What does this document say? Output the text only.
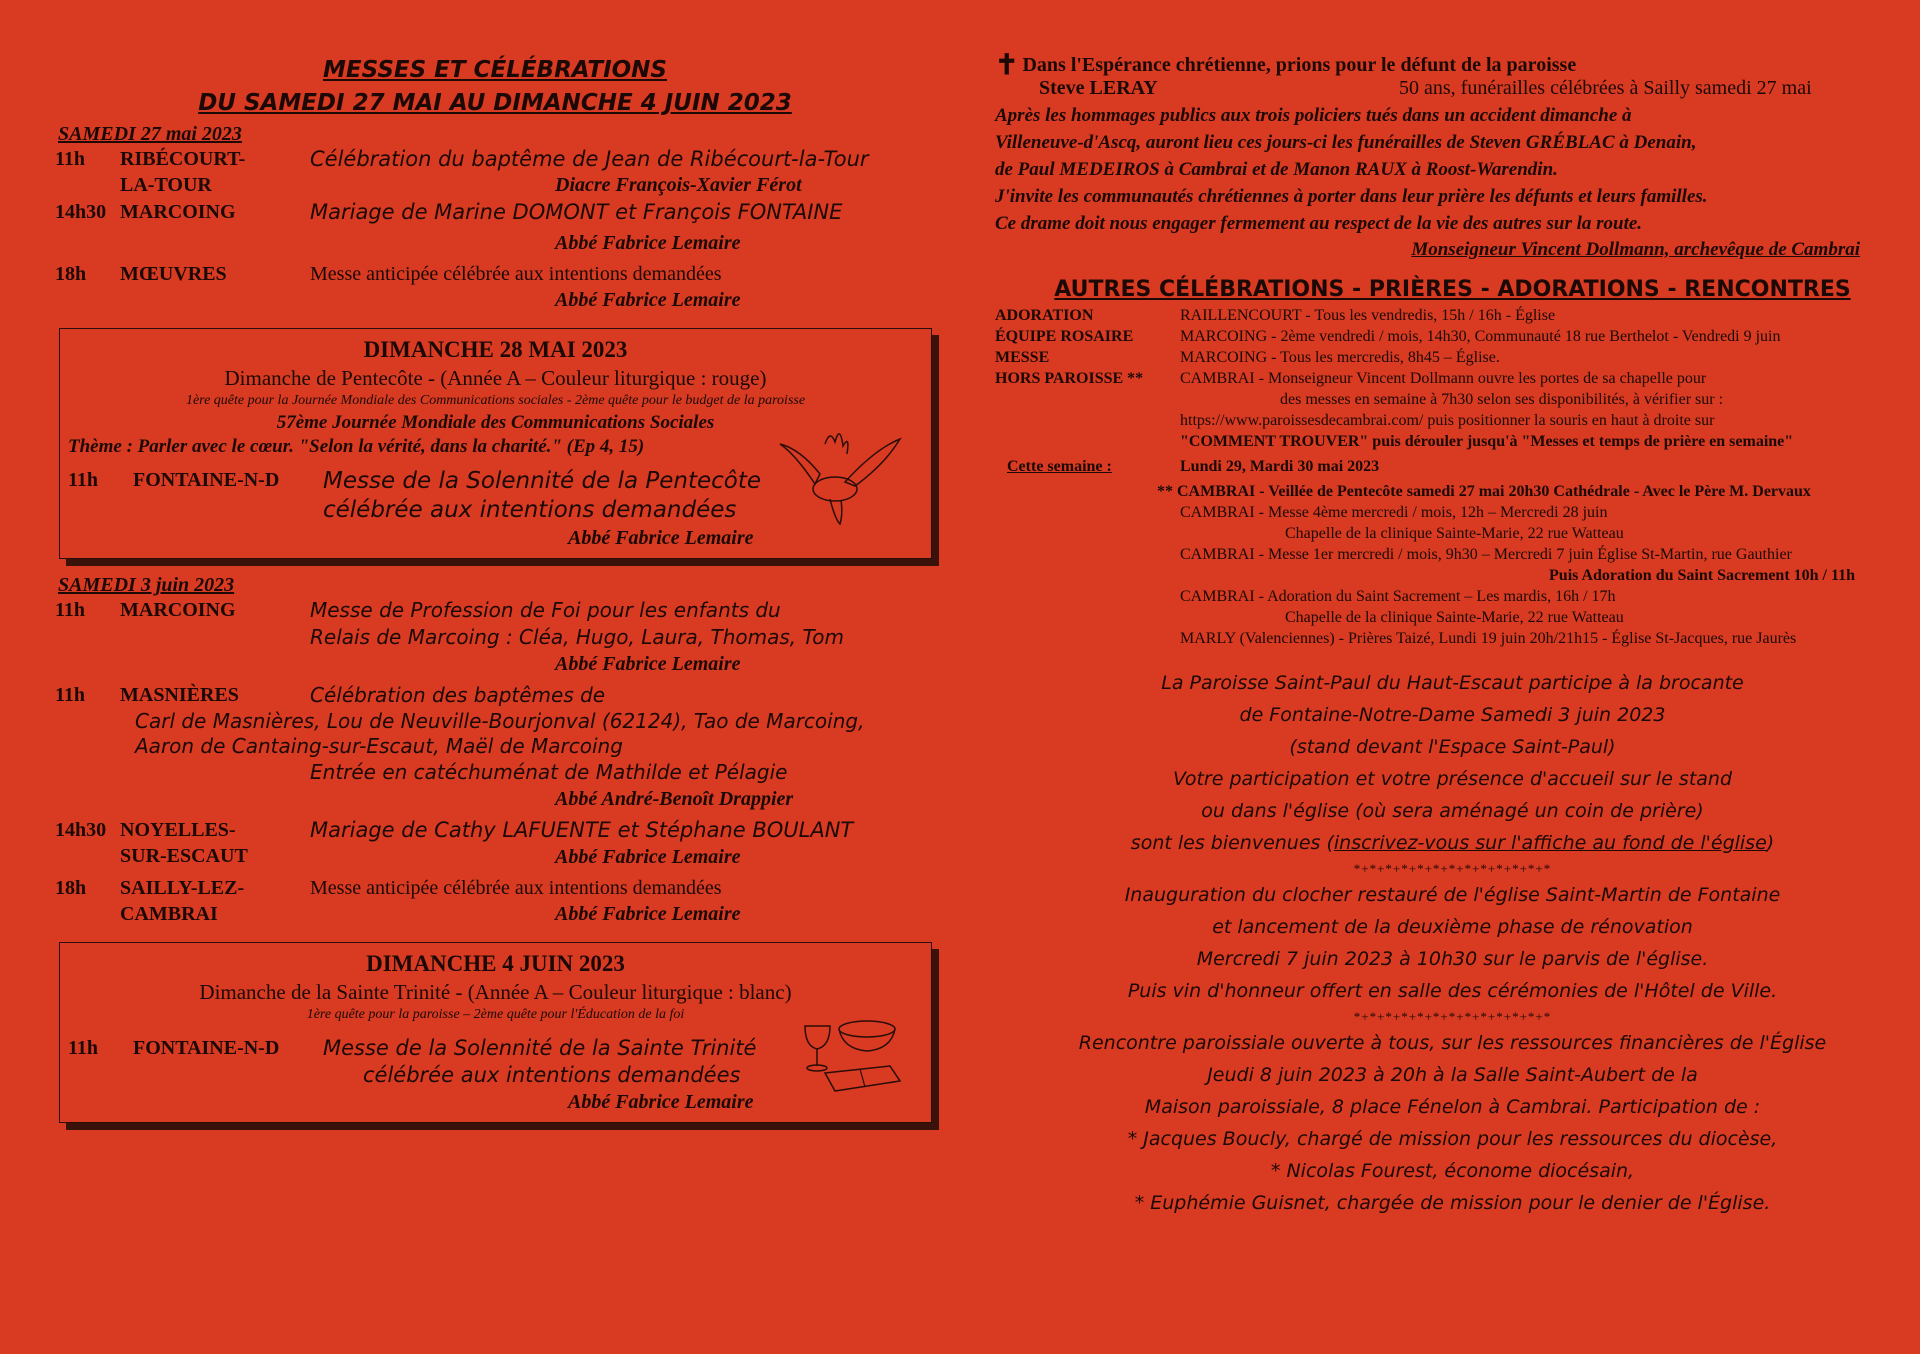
MESSES ET CÉLÉBRATIONS
DU SAMEDI 27 MAI AU DIMANCHE 4 JUIN 2023
SAMEDI 27 mai 2023
11h	RIBÉCOURT-
LA-TOUR
Célébration du baptême de Jean de Ribécourt-la-Tour
Diacre François-Xavier Férot
14h30 MARCOING	Mariage de Marine DOMONT et François FONTAINE
Abbé Fabrice Lemaire
18h	MŒUVRES	Messe anticipée célébrée aux intentions demandées
Abbé Fabrice Lemaire
DIMANCHE 28 MAI 2023
Dimanche de Pentecôte - (Année A – Couleur liturgique : rouge)
1ère quête pour la Journée Mondiale des Communications sociales - 2ème quête pour le budget de la paroisse
57ème Journée Mondiale des Communications Sociales
Thème : Parler avec le cœur. "Selon la vérité, dans la charité." (Ep 4, 15)
11h	FONTAINE-N-D	Messe de la Solennité de la Pentecôte
célébrée aux intentions demandées
Abbé Fabrice Lemaire
SAMEDI 3 juin 2023
11h	MARCOING	Messe de Profession de Foi pour les enfants du
Relais de Marcoing : Cléa, Hugo, Laura, Thomas, Tom
Abbé Fabrice Lemaire
11h	MASNIÈRES	Célébration des baptêmes de
Carl de Masnières, Lou de Neuville-Bourjonval (62124), Tao de Marcoing,
Aaron de Cantaing-sur-Escaut, Maël de Marcoing
Entrée en catéchuménat de Mathilde et Pélagie
Abbé André-Benoît Drappier
14h30 NOYELLES-
SUR-ESCAUT
Mariage de Cathy LAFUENTE et Stéphane BOULANT
Abbé Fabrice Lemaire
18h	SAILLY-LEZ-
CAMBRAI
Messe anticipée célébrée aux intentions demandées
Abbé Fabrice Lemaire
DIMANCHE 4 JUIN 2023
Dimanche de la Sainte Trinité - (Année A – Couleur liturgique : blanc)
1ère quête pour la paroisse – 2ème quête pour l'Éducation de la foi
11h	FONTAINE-N-D	Messe de la Solennité de la Sainte Trinité
célébrée aux intentions demandées
Abbé Fabrice Lemaire
✝ Dans l'Espérance chrétienne, prions pour le défunt de la paroisse
Steve LERAY	50 ans, funérailles célébrées à Sailly samedi 27 mai
Après les hommages publics aux trois policiers tués dans un accident dimanche à
Villeneuve-d'Ascq, auront lieu ces jours-ci les funérailles de Steven GRÉBLAC à Denain,
de Paul MEDEIROS à Cambrai et de Manon RAUX à Roost-Warendin.
J'invite les communautés chrétiennes à porter dans leur prière les défunts et leurs familles.
Ce drame doit nous engager fermement au respect de la vie des autres sur la route.
Monseigneur Vincent Dollmann, archevêque de Cambrai
AUTRES CÉLÉBRATIONS - PRIÈRES - ADORATIONS - RENCONTRES
ADORATION	RAILLENCOURT - Tous les vendredis, 15h / 16h - Église
ÉQUIPE ROSAIRE	MARCOING - 2ème vendredi / mois, 14h30, Communauté 18 rue Berthelot - Vendredi 9 juin
MESSE	MARCOING - Tous les mercredis, 8h45 – Église.
HORS PAROISSE **	CAMBRAI - Monseigneur Vincent Dollmann ouvre les portes de sa chapelle pour
des messes en semaine à 7h30 selon ses disponibilités, à vérifier sur :
https://www.paroissesdecambrai.com/ puis positionner la souris en haut à droite sur
"COMMENT TROUVER" puis dérouler jusqu'à "Messes et temps de prière en semaine"
Cette semaine :	Lundi 29, Mardi 30 mai 2023
** CAMBRAI - Veillée de Pentecôte samedi 27 mai 20h30 Cathédrale - Avec le Père M. Dervaux
CAMBRAI - Messe 4ème mercredi / mois, 12h – Mercredi 28 juin
Chapelle de la clinique Sainte-Marie, 22 rue Watteau
CAMBRAI - Messe 1er mercredi / mois, 9h30 – Mercredi 7 juin Église St-Martin, rue Gauthier
Puis Adoration du Saint Sacrement 10h / 11h
CAMBRAI - Adoration du Saint Sacrement – Les mardis, 16h / 17h
Chapelle de la clinique Sainte-Marie, 22 rue Watteau
MARLY (Valenciennes) - Prières Taizé, Lundi 19 juin 20h/21h15 - Église St-Jacques, rue Jaurès
La Paroisse Saint-Paul du Haut-Escaut participe à la brocante
de Fontaine-Notre-Dame Samedi 3 juin 2023
(stand devant l'Espace Saint-Paul)
Votre participation et votre présence d'accueil sur le stand
ou dans l'église (où sera aménagé un coin de prière)
sont les bienvenues (inscrivez-vous sur l'affiche au fond de l'église)
*+*+*+*+*+*+*+*+*+*+*+*+*
Inauguration du clocher restauré de l'église Saint-Martin de Fontaine
et lancement de la deuxième phase de rénovation
Mercredi 7 juin 2023 à 10h30 sur le parvis de l'église.
Puis vin d'honneur offert en salle des cérémonies de l'Hôtel de Ville.
*+*+*+*+*+*+*+*+*+*+*+*+*
Rencontre paroissiale ouverte à tous, sur les ressources financières de l'Église
Jeudi 8 juin 2023 à 20h à la Salle Saint-Aubert de la
Maison paroissiale, 8 place Fénelon à Cambrai. Participation de :
* Jacques Boucly, chargé de mission pour les ressources du diocèse,
* Nicolas Fourest, économe diocésain,
* Euphémie Guisnet, chargée de mission pour le denier de l'Église.
